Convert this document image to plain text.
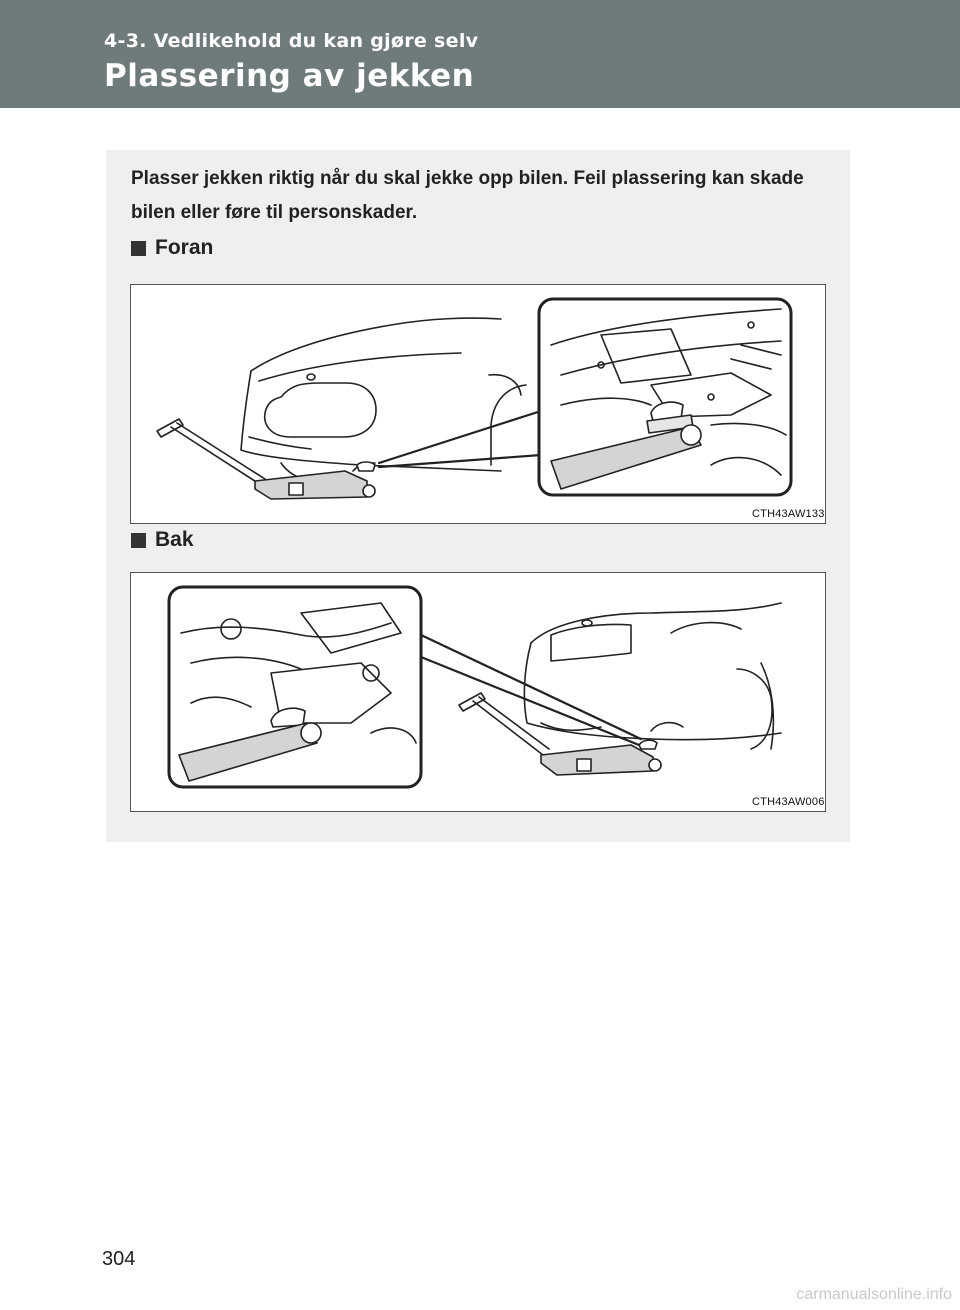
4-3. Vedlikehold du kan gjøre selv
Plassering av jekken
Plasser jekken riktig når du skal jekke opp bilen. Feil plassering kan skade bilen eller føre til personskader.
Foran
CTH43AW133
Bak
CTH43AW006
304
carmanualsonline.info
